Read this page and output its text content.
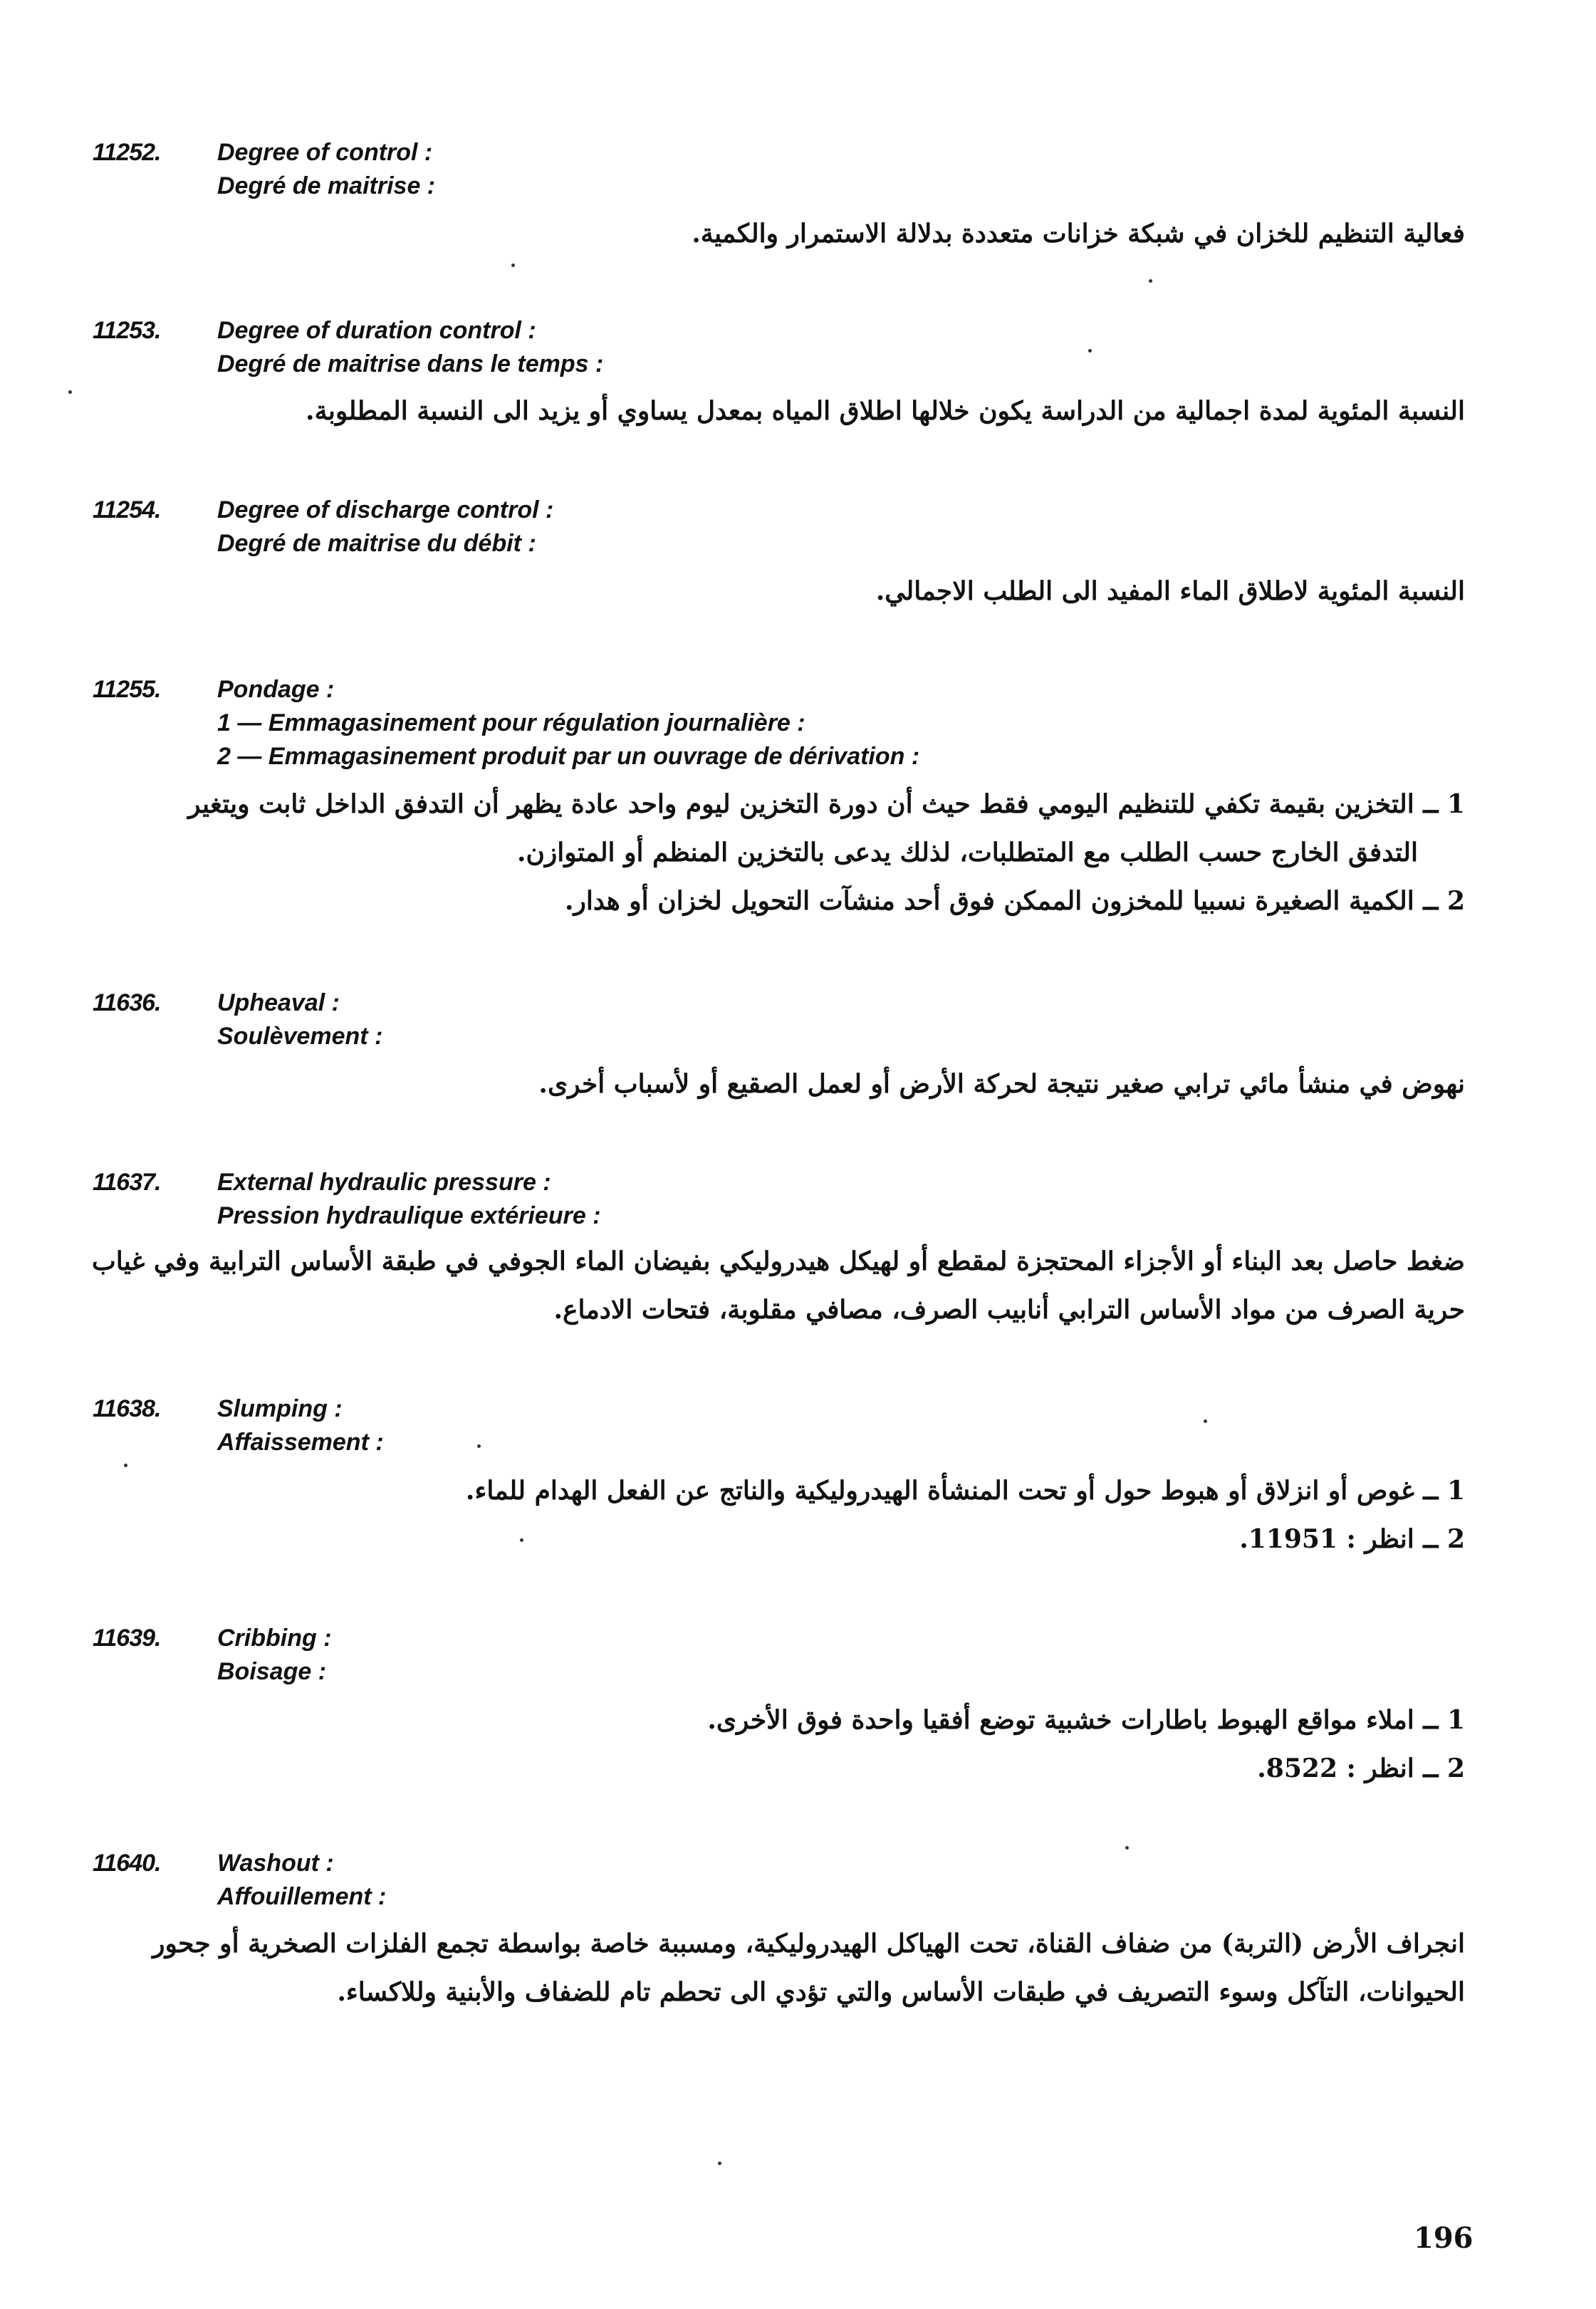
11252. Degree of control :
Degré de maitrise :
فعالية التنظيم للخزان في شبكة خزانات متعددة بدلالة الاستمرار والكمية.
11253. Degree of duration control :
Degré de maitrise dans le temps :
النسبة المئوية لمدة اجمالية من الدراسة يكون خلالها اطلاق المياه بمعدل يساوي أو يزيد الى النسبة المطلوبة.
11254. Degree of discharge control :
Degré de maitrise du débit :
النسبة المئوية لاطلاق الماء المفيد الى الطلب الاجمالي.
11255. Pondage :
1 — Emmagasinement pour régulation journalière :
2 — Emmagasinement produit par un ouvrage de dérivation :
1 ــ التخزين بقيمة تكفي للتنظيم اليومي فقط حيث أن دورة التخزين ليوم واحد عادة يظهر أن التدفق الداخل ثابت ويتغير
التدفق الخارج حسب الطلب مع المتطلبات، لذلك يدعى بالتخزين المنظم أو المتوازن.
2 ــ الكمية الصغيرة نسبيا للمخزون الممكن فوق أحد منشآت التحويل لخزان أو هدار.
11636. Upheaval :
Soulèvement :
نهوض في منشأ مائي ترابي صغير نتيجة لحركة الأرض أو لعمل الصقيع أو لأسباب أخرى.
11637. External hydraulic pressure :
Pression hydraulique extérieure :
ضغط حاصل بعد البناء أو الأجزاء المحتجزة لمقطع أو لهيكل هيدروليكي بفيضان الماء الجوفي في طبقة الأساس الترابية وفي غياب
حرية الصرف من مواد الأساس الترابي أنابيب الصرف، مصافي مقلوبة، فتحات الادماع.
11638. Slumping :
Affaissement :
1 ــ غوص أو انزلاق أو هبوط حول أو تحت المنشأة الهيدروليكية والناتج عن الفعل الهدام للماء.
2 ــ انظر : 11951.
11639. Cribbing :
Boisage :
1 ــ املاء مواقع الهبوط باطارات خشبية توضع أفقيا واحدة فوق الأخرى.
2 ــ انظر : 8522.
11640. Washout :
Affouillement :
انجراف الأرض (التربة) من ضفاف القناة، تحت الهياكل الهيدروليكية، ومسببة خاصة بواسطة تجمع الفلزات الصخرية أو جحور
الحيوانات، التآكل وسوء التصريف في طبقات الأساس والتي تؤدي الى تحطم تام للضفاف والأبنية وللاكساء.
196
